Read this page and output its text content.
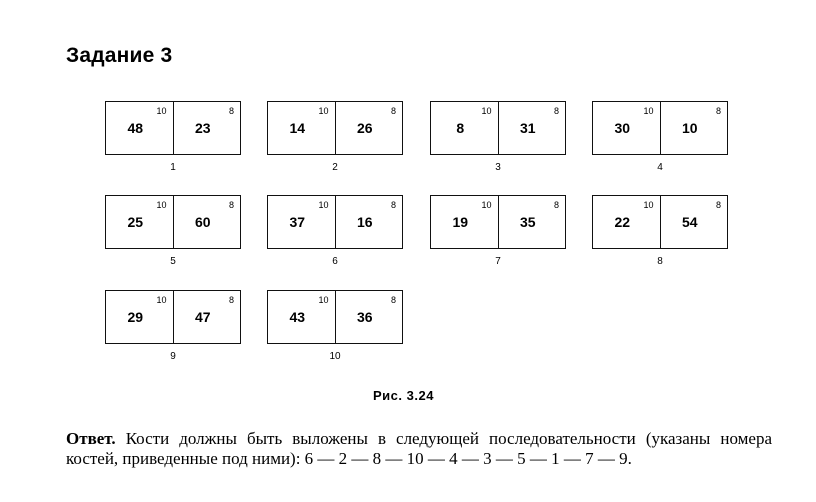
Задание 3
48
10
23
8
1
14
10
26
8
2
8
10
31
8
3
30
10
10
8
4
25
10
60
8
5
37
10
16
8
6
19
10
35
8
7
22
10
54
8
8
29
10
47
8
9
43
10
36
8
10
Рис. 3.24
Ответ. Кости должны быть выложены в следующей последовательности (указаны номера костей, приведенные под ними): 6 — 2 — 8 — 10 — 4 — 3 — 5 — 1 — 7 — 9.
